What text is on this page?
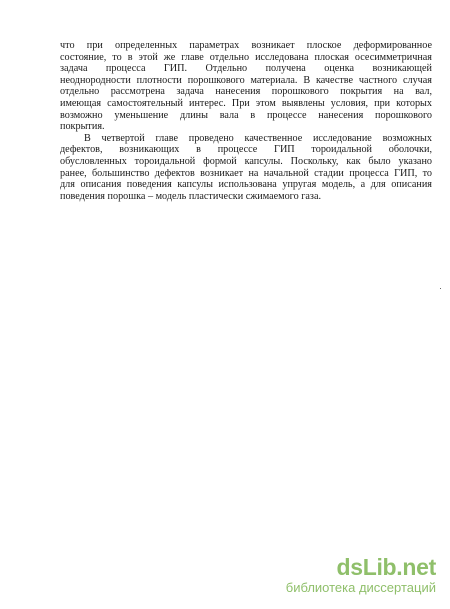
что при определенных параметрах возникает плоское деформированное
состояние, то в этой же главе отдельно исследована плоская осесимметричная
задача процесса ГИП. Отдельно получена оценка возникающей
неоднородности плотности порошкового материала. В качестве частного случая
отдельно рассмотрена задача нанесения порошкового покрытия на вал,
имеющая самостоятельный интерес. При этом выявлены условия, при которых
возможно уменьшение длины вала в процессе нанесения порошкового
покрытия.
В четвертой главе проведено качественное исследование возможных
дефектов, возникающих в процессе ГИП тороидальной оболочки,
обусловленных тороидальной формой капсулы. Поскольку, как было указано
ранее, большинство дефектов возникает на начальной стадии процесса ГИП, то
для описания поведения капсулы использована упругая модель, а для описания
поведения порошка – модель пластически сжимаемого газа.
dsLib.net
библиотека диссертаций
